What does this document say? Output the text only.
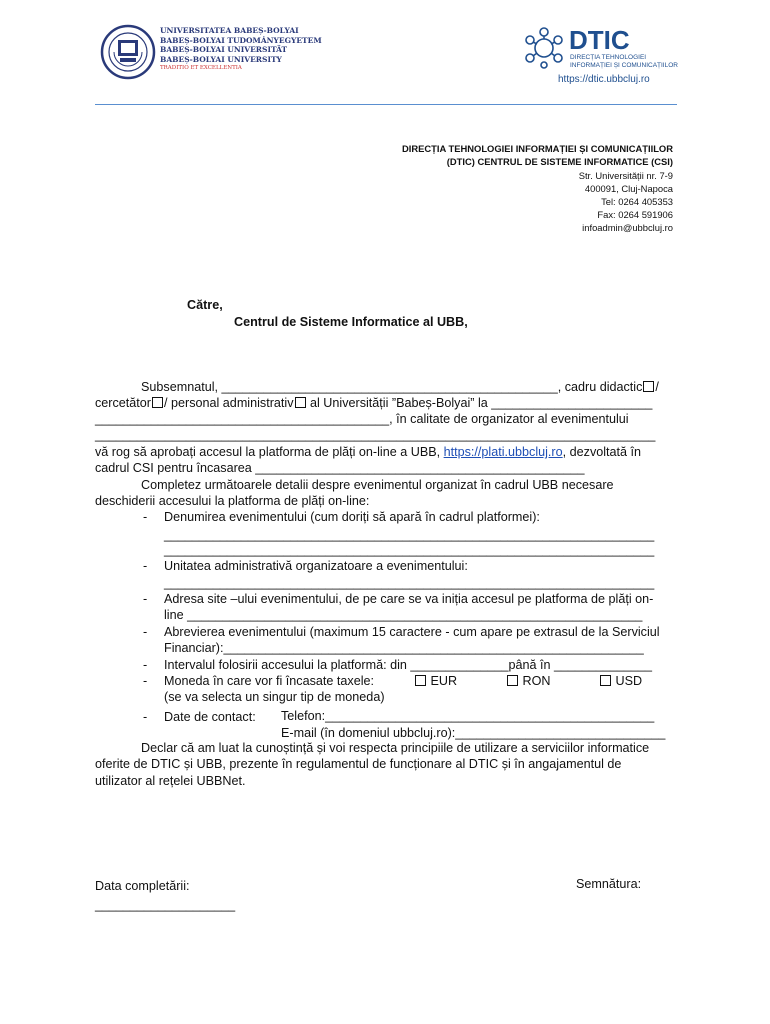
UNIVERSITATEA BABEȘ-BOLYAI
BABEȘ-BOLYAI TUDOMÁNYEGYETEM
BABEȘ-BOLYAI UNIVERSITÄT
BABEȘ-BOLYAI UNIVERSITY
TRADITIO ET EXCELLENTIA
DTIC
DIRECȚIA TEHNOLOGIEI
INFORMAȚIEI ȘI COMUNICAȚIILOR
https://dtic.ubbcluj.ro
DIRECȚIA TEHNOLOGIEI INFORMAȚIEI ȘI COMUNICAȚIILOR
(DTIC) CENTRUL DE SISTEME INFORMATICE (CSI)
Str. Universității nr. 7-9
400091, Cluj-Napoca
Tel: 0264 405353
Fax: 0264 591906
infoadmin@ubbcluj.ro
Către,
Centrul de Sisteme Informatice al UBB,
Subsemnatul, ________________________________________________, cadru didactic /
cercetător / personal administrativ al Universității ”Babeș-Bolyai” la _______________________
__________________________________________, în calitate de organizator al evenimentului
________________________________________________________________________________
vă rog să aprobați accesul la platforma de plăți on-line a UBB, https://plati.ubbcluj.ro, dezvoltată în
cadrul CSI pentru încasarea _______________________________________________
Completez următoarele detalii despre evenimentul organizat în cadrul UBB necesare
deschiderii accesului la platforma de plăți on-line:
- Denumirea evenimentului (cum doriți să apară în cadrul platformei):
______________________________________________________________________
______________________________________________________________________
- Unitatea administrativă organizatoare a evenimentului:
______________________________________________________________________
- Adresa site –ului evenimentului, de pe care se va iniția accesul pe platforma de plăți on-
line _________________________________________________________________
- Abrevierea evenimentului (maximum 15 caractere - cum apare pe extrasul de la Serviciul
Financiar):____________________________________________________________
- Intervalul folosirii accesului la platformă: din ______________până în ______________
- Moneda în care vor fi încasate taxele:	EUR	RON	USD
(se va selecta un singur tip de moneda)
- Date de contact: Telefon:_______________________________________________
E-mail (în domeniul ubbcluj.ro):______________________________
Declar că am luat la cunoștință și voi respecta principiile de utilizare a serviciilor informatice
oferite de DTIC și UBB, prezente în regulamentul de funcționare al DTIC și în angajamentul de
utilizator al rețelei UBBNet.
Data completării:
____________________
Semnătura:
